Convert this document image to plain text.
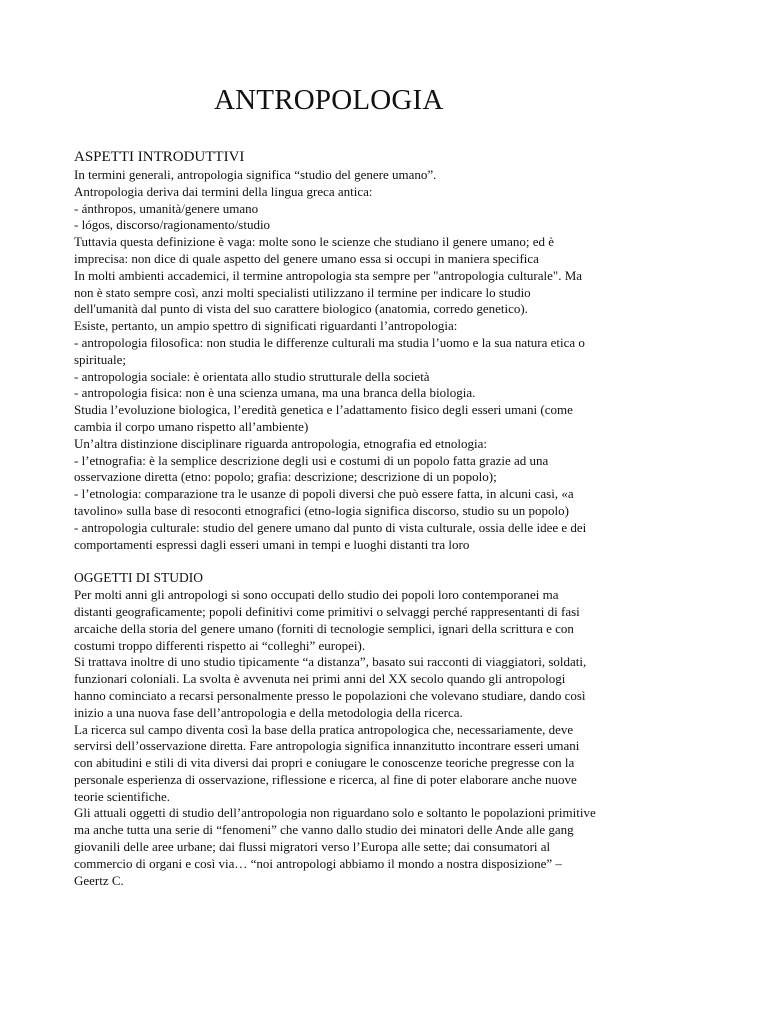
ANTROPOLOGIA
ASPETTI INTRODUTTIVI
In termini generali, antropologia significa “studio del genere umano”.
Antropologia deriva dai termini della lingua greca antica:
- ánthropos, umanità/genere umano
- lógos, discorso/ragionamento/studio
Tuttavia questa definizione è vaga: molte sono le scienze che studiano il genere umano; ed è
imprecisa: non dice di quale aspetto del genere umano essa si occupi in maniera specifica
In molti ambienti accademici, il termine antropologia sta sempre per "antropologia culturale". Ma
non è stato sempre così, anzi molti specialisti utilizzano il termine per indicare lo studio
dell'umanità dal punto di vista del suo carattere biologico (anatomia, corredo genetico).
Esiste, pertanto, un ampio spettro di significati riguardanti l’antropologia:
- antropologia filosofica: non studia le differenze culturali ma studia l’uomo e la sua natura etica o
spirituale;
- antropologia sociale: è orientata allo studio strutturale della società
- antropologia fisica: non è una scienza umana, ma una branca della biologia.
Studia l’evoluzione biologica, l’eredità genetica e l’adattamento fisico degli esseri umani (come
cambia il corpo umano rispetto all’ambiente)
Un’altra distinzione disciplinare riguarda antropologia, etnografia ed etnologia:
- l’etnografia: è la semplice descrizione degli usi e costumi di un popolo fatta grazie ad una
osservazione diretta (etno: popolo; grafia: descrizione; descrizione di un popolo);
- l’etnologia: comparazione tra le usanze di popoli diversi che può essere fatta, in alcuni casi, «a
tavolino» sulla base di resoconti etnografici (etno-logia significa discorso, studio su un popolo)
- antropologia culturale: studio del genere umano dal punto di vista culturale, ossia delle idee e dei
comportamenti espressi dagli esseri umani in tempi e luoghi distanti tra loro
OGGETTI DI STUDIO
Per molti anni gli antropologi si sono occupati dello studio dei popoli loro contemporanei ma
distanti geograficamente; popoli definitivi come primitivi o selvaggi perché rappresentanti di fasi
arcaiche della storia del genere umano (forniti di tecnologie semplici, ignari della scrittura e con
costumi troppo differenti rispetto ai “colleghi” europei).
Si trattava inoltre di uno studio tipicamente “a distanza”, basato sui racconti di viaggiatori, soldati,
funzionari coloniali. La svolta è avvenuta nei primi anni del XX secolo quando gli antropologi
hanno cominciato a recarsi personalmente presso le popolazioni che volevano studiare, dando così
inizio a una nuova fase dell’antropologia e della metodologia della ricerca.
La ricerca sul campo diventa così la base della pratica antropologica che, necessariamente, deve
servirsi dell’osservazione diretta. Fare antropologia significa innanzitutto incontrare esseri umani
con abitudini e stili di vita diversi dai propri e coniugare le conoscenze teoriche pregresse con la
personale esperienza di osservazione, riflessione e ricerca, al fine di poter elaborare anche nuove
teorie scientifiche.
Gli attuali oggetti di studio dell’antropologia non riguardano solo e soltanto le popolazioni primitive
ma anche tutta una serie di “fenomeni” che vanno dallo studio dei minatori delle Ande alle gang
giovanili delle aree urbane; dai flussi migratori verso l’Europa alle sette; dai consumatori al
commercio di organi e così via… “noi antropologi abbiamo il mondo a nostra disposizione” –
Geertz C.
